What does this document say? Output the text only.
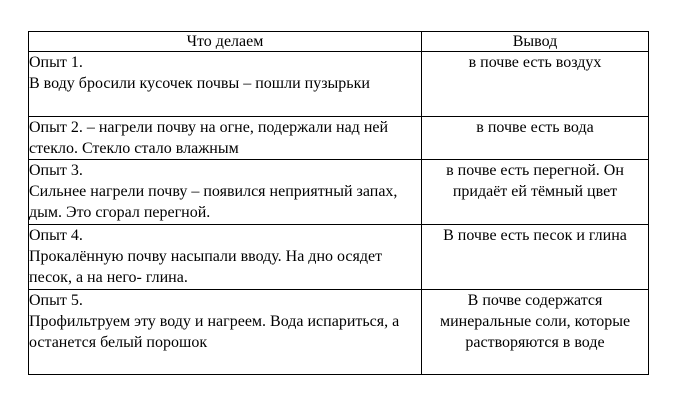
Что делаем	Вывод

Опыт 1.
В воду бросили кусочек почвы – пошли пузырьки	в почве есть воздух
Опыт 2. – нагрели почву на огне, подержали над ней стекло. Стекло стало влажным	в почве есть вода

Опыт 3.
Сильнее нагрели почву – появился неприятный запах, дым. Это сгорал перегной.	в почве есть перегной. Он придаёт ей тёмный цвет

Опыт 4.
Прокалённую почву насыпали вводу. На дно осядет песок, а на него- глина.	В почве есть песок и глина

Опыт 5.
Профильтруем эту воду и нагреем. Вода испариться, а останется белый порошок	В почве содержатся минеральные соли, которые растворяются в воде
